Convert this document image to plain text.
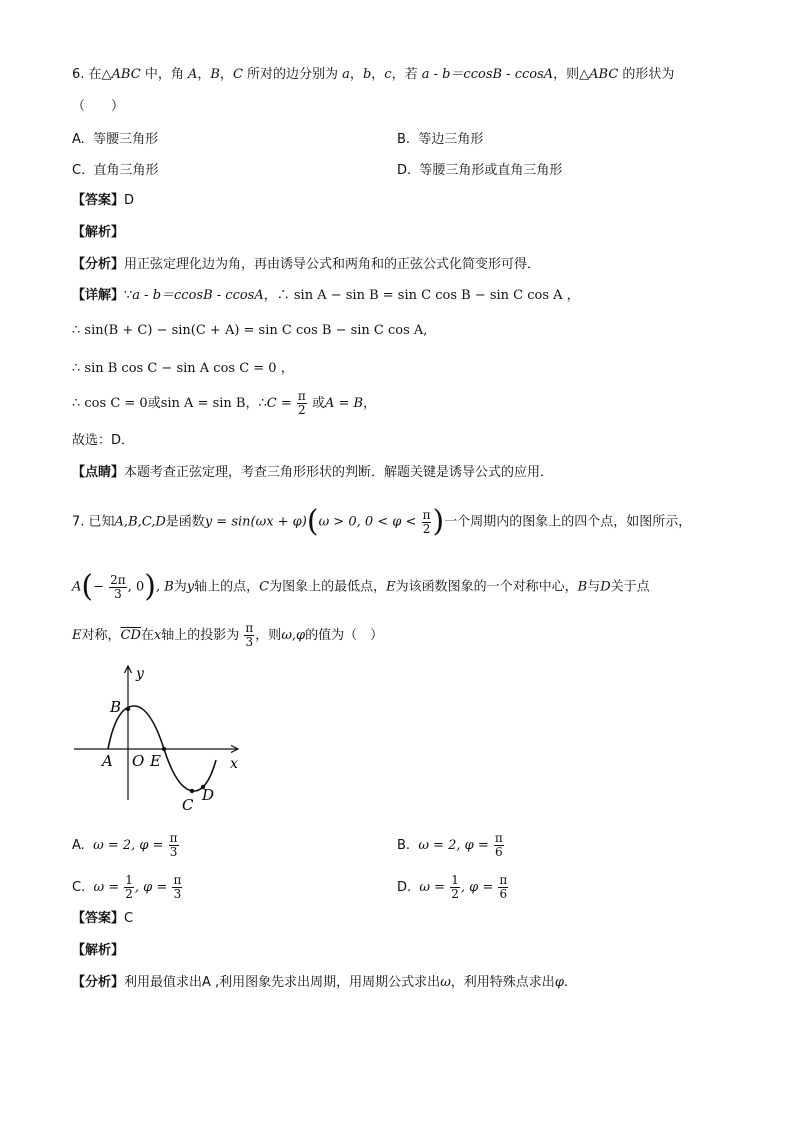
6. 在△ABC 中，角 A，B，C 所对的边分别为 a，b，c，若 a - b＝ccosB - ccosA，则△ABC 的形状为
（　　）
A. 等腰三角形	B. 等边三角形
C. 直角三角形	D. 等腰三角形或直角三角形
【答案】D
【解析】
【分析】用正弦定理化边为角，再由诱导公式和两角和的正弦公式化简变形可得．
【详解】∵a - b＝ccosB - ccosA，∴ sin A − sin B = sin C cos B − sin C cos A ，
∴ sin(B + C) − sin(C + A) = sin C cos B − sin C cos A,
∴ sin B cos C − sin A cos C = 0 ，
∴ cos C = 0或sin A = sin B，∴C = $\frac{\pi}{2}$ 或A = B，
故选：D．
【点睛】本题考查正弦定理，考查三角形形状的判断．解题关键是诱导公式的应用．
7. 已知A,B,C,D是函数y = sin(ωx + φ)(ω > 0, $0 < \varphi < \frac{\pi}{2}$ )一个周期内的图象上的四个点，如图所示，
$A(- \frac{2\pi}{3}$ , 0), B为y轴上的点，C为图象上的最低点，E为该函数图象的一个对称中心，B与D关于点
E对称，$\overline{CD}$在x轴上的投影为 $\frac{\pi}{3}$ ，则ω,φ的值为（　）
y
x
A O E
B
C
D
A. ω = 2, $\varphi = \frac{\pi}{3}$	B. ω = 2, $\varphi = \frac{\pi}{6}$
C. $\omega = \frac{1}{2}$ , $\varphi = \frac{\pi}{3}$	D. $\omega = \frac{1}{2}$ , $\varphi = \frac{\pi}{6}$
【答案】C
【解析】
【分析】利用最值求出A ,利用图象先求出周期，用周期公式求出ω，利用特殊点求出φ.
